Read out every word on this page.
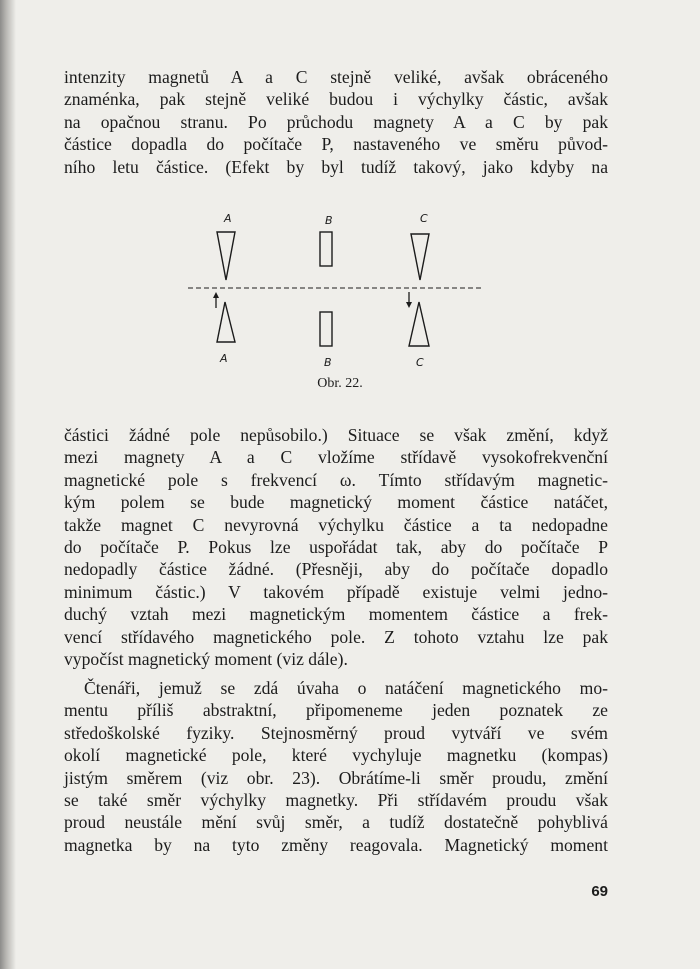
intenzity magnetů A a C stejně veliké, avšak obráceného
znaménka, pak stejně veliké budou i výchylky částic, avšak
na opačnou stranu. Po průchodu magnety A a C by pak
částice dopadla do počítače P, nastaveného ve směru původ-
ního letu částice. (Efekt by byl tudíž takový, jako kdyby na

A	B	C
A	B	C
Obr. 22.

částici žádné pole nepůsobilo.) Situace se však změní, když
mezi magnety A a C vložíme střídavě vysokofrekvenční
magnetické pole s frekvencí ω. Tímto střídavým magnetic-
kým polem se bude magnetický moment částice natáčet,
takže magnet C nevyrovná výchylku částice a ta nedopadne
do počítače P. Pokus lze uspořádat tak, aby do počítače P
nedopadly částice žádné. (Přesněji, aby do počítače dopadlo
minimum částic.) V takovém případě existuje velmi jedno-
duchý vztah mezi magnetickým momentem částice a frek-
vencí střídavého magnetického pole. Z tohoto vztahu lze pak
vypočíst magnetický moment (viz dále).

Čtenáři, jemuž se zdá úvaha o natáčení magnetického mo-
mentu příliš abstraktní, připomeneme jeden poznatek ze
středoškolské fyziky. Stejnosměrný proud vytváří ve svém
okolí magnetické pole, které vychyluje magnetku (kompas)
jistým směrem (viz obr. 23). Obrátíme-li směr proudu, změní
se také směr výchylky magnetky. Při střídavém proudu však
proud neustále mění svůj směr, a tudíž dostatečně pohyblivá
magnetka by na tyto změny reagovala. Magnetický moment

69
